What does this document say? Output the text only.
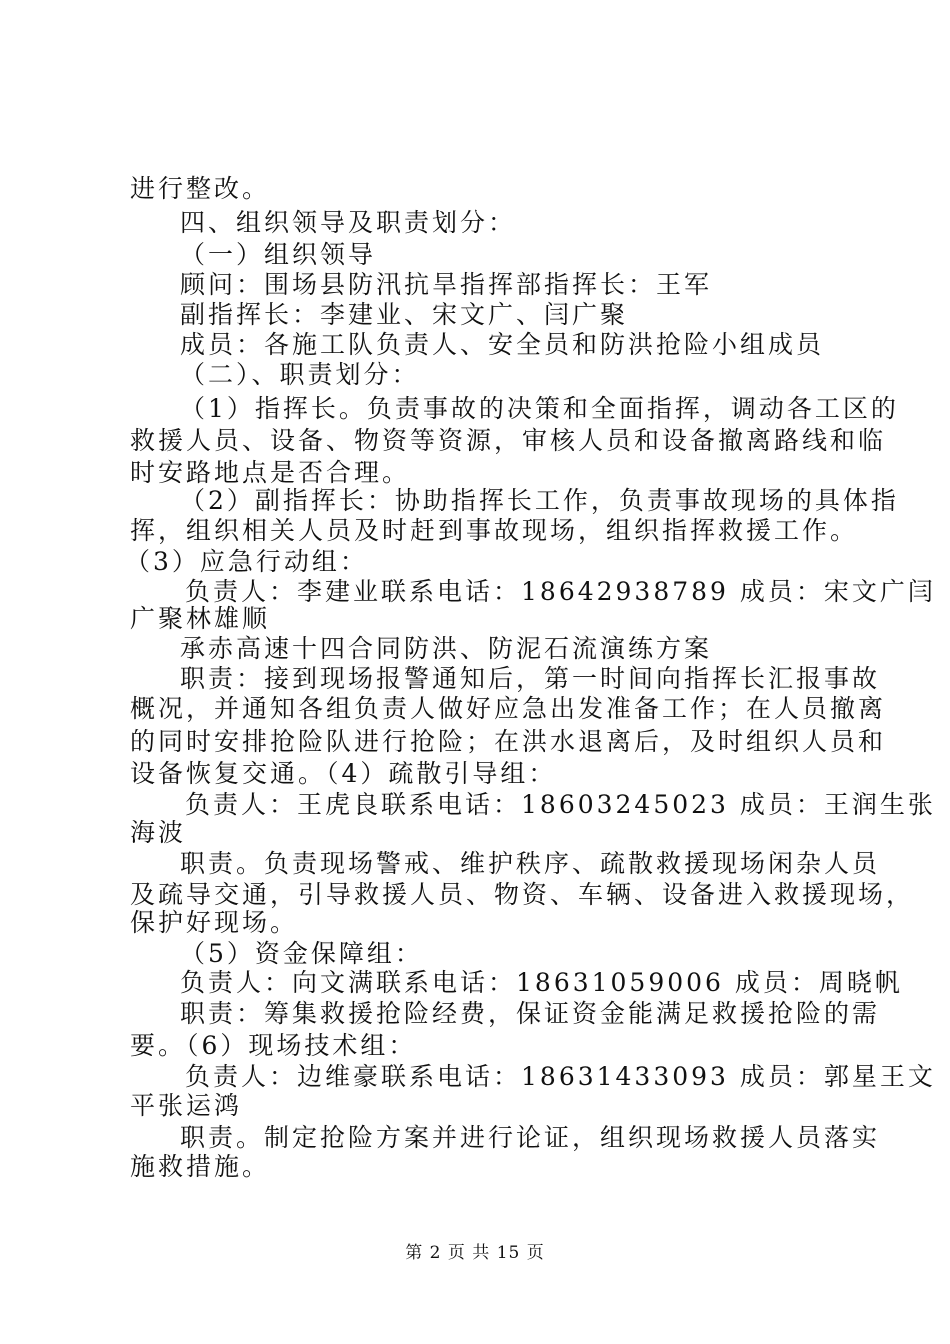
进行整改。
四、组织领导及职责划分：
（一）组织领导
顾问：围场县防汛抗旱指挥部指挥长：王军
副指挥长：李建业、宋文广、闫广聚
成员：各施工队负责人、安全员和防洪抢险小组成员
（二）、职责划分：
（1）指挥长。负责事故的决策和全面指挥，调动各工区的
救援人员、设备、物资等资源，审核人员和设备撤离路线和临
时安路地点是否合理。
（2）副指挥长：协助指挥长工作，负责事故现场的具体指
挥，组织相关人员及时赶到事故现场，组织指挥救援工作。
（3）应急行动组：
负责人：李建业联系电话：18642938789 成员：宋文广闫
广聚林雄顺
承赤高速十四合同防洪、防泥石流演练方案
职责：接到现场报警通知后，第一时间向指挥长汇报事故
概况，并通知各组负责人做好应急出发准备工作；在人员撤离
的同时安排抢险队进行抢险；在洪水退离后，及时组织人员和
设备恢复交通。（4）疏散引导组：
负责人：王虎良联系电话：18603245023 成员：王润生张
海波
职责。负责现场警戒、维护秩序、疏散救援现场闲杂人员
及疏导交通，引导救援人员、物资、车辆、设备进入救援现场，
保护好现场。
（5）资金保障组：
负责人：向文满联系电话：18631059006 成员：周晓帆
职责：筹集救援抢险经费，保证资金能满足救援抢险的需
要。（6）现场技术组：
负责人：边维豪联系电话：18631433093 成员：郭星王文
平张运鸿
职责。制定抢险方案并进行论证，组织现场救援人员落实
施救措施。
第 2 页 共 15 页
